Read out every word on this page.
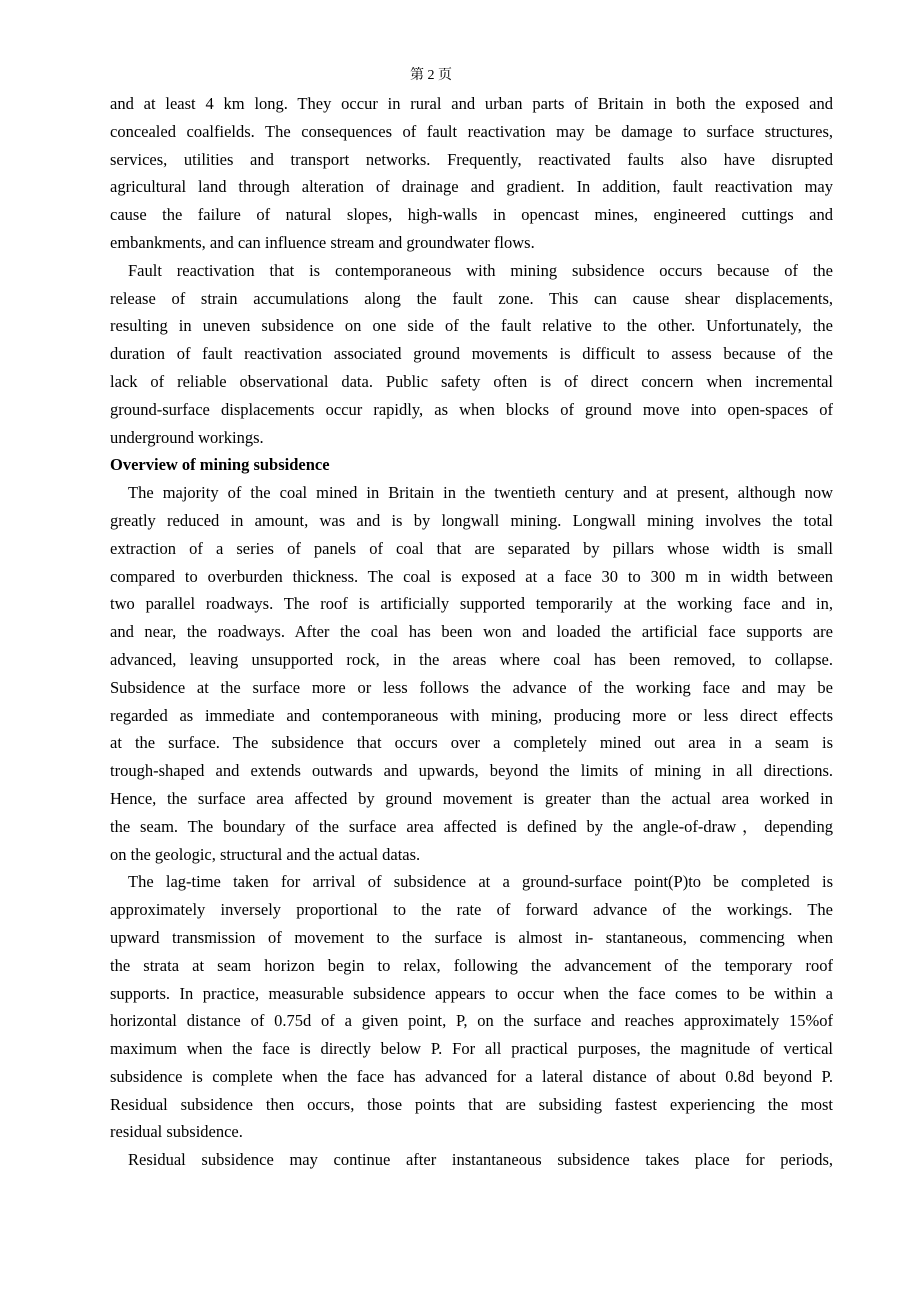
第 2 页

and at least 4 km long. They occur in rural and urban parts of Britain in both the exposed and
concealed coalfields. The consequences of fault reactivation may be damage to surface structures,
services, utilities and transport networks. Frequently, reactivated faults also have disrupted
agricultural land through alteration of drainage and gradient. In addition, fault reactivation may
cause the failure of natural slopes, high-walls in opencast mines, engineered cuttings and
embankments, and can influence stream and groundwater flows.

Fault reactivation that is contemporaneous with mining subsidence occurs because of the
release of strain accumulations along the fault zone. This can cause shear displacements,
resulting in uneven subsidence on one side of the fault relative to the other. Unfortunately, the
duration of fault reactivation associated ground movements is difficult to assess because of the
lack of reliable observational data. Public safety often is of direct concern when incremental
ground-surface displacements occur rapidly, as when blocks of ground move into open-spaces of
underground workings.

Overview of mining subsidence

The majority of the coal mined in Britain in the twentieth century and at present, although now
greatly reduced in amount, was and is by longwall mining. Longwall mining involves the total
extraction of a series of panels of coal that are separated by pillars whose width is small
compared to overburden thickness. The coal is exposed at a face 30 to 300 m in width between
two parallel roadways. The roof is artificially supported temporarily at the working face and in,
and near, the roadways. After the coal has been won and loaded the artificial face supports are
advanced, leaving unsupported rock, in the areas where coal has been removed, to collapse.
Subsidence at the surface more or less follows the advance of the working face and may be
regarded as immediate and contemporaneous with mining, producing more or less direct effects
at the surface. The subsidence that occurs over a completely mined out area in a seam is
trough-shaped and extends outwards and upwards, beyond the limits of mining in all directions.
Hence, the surface area affected by ground movement is greater than the actual area worked in
the seam. The boundary of the surface area affected is defined by the angle-of-draw，depending
on the geologic, structural and the actual datas.

The lag-time taken for arrival of subsidence at a ground-surface point(P)to be completed is
approximately inversely proportional to the rate of forward advance of the workings. The
upward transmission of movement to the surface is almost in- stantaneous, commencing when
the strata at seam horizon begin to relax, following the advancement of the temporary roof
supports. In practice, measurable subsidence appears to occur when the face comes to be within a
horizontal distance of 0.75d of a given point, P, on the surface and reaches approximately 15%of
maximum when the face is directly below P. For all practical purposes, the magnitude of vertical
subsidence is complete when the face has advanced for a lateral distance of about 0.8d beyond P.
Residual subsidence then occurs, those points that are subsiding fastest experiencing the most
residual subsidence.

Residual subsidence may continue after instantaneous subsidence takes place for periods,
